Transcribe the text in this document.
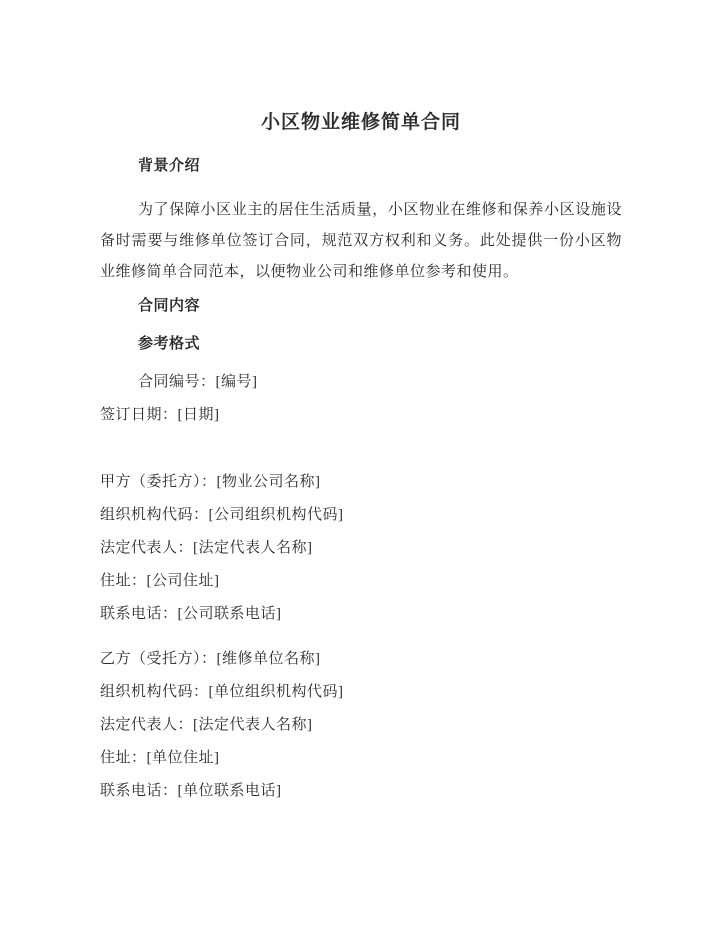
小区物业维修简单合同
背景介绍

为了保障小区业主的居住生活质量，小区物业在维修和保养小区设施设备时需要与维修单位签订合同，规范双方权利和义务。此处提供一份小区物业维修简单合同范本，以便物业公司和维修单位参考和使用。

合同内容
参考格式

合同编号：[编号]

签订日期：[日期]

甲方（委托方）：[物业公司名称]

组织机构代码：[公司组织机构代码]

法定代表人：[法定代表人名称]

住址：[公司住址]

联系电话：[公司联系电话]

乙方（受托方）：[维修单位名称]

组织机构代码：[单位组织机构代码]

法定代表人：[法定代表人名称]

住址：[单位住址]

联系电话：[单位联系电话]
